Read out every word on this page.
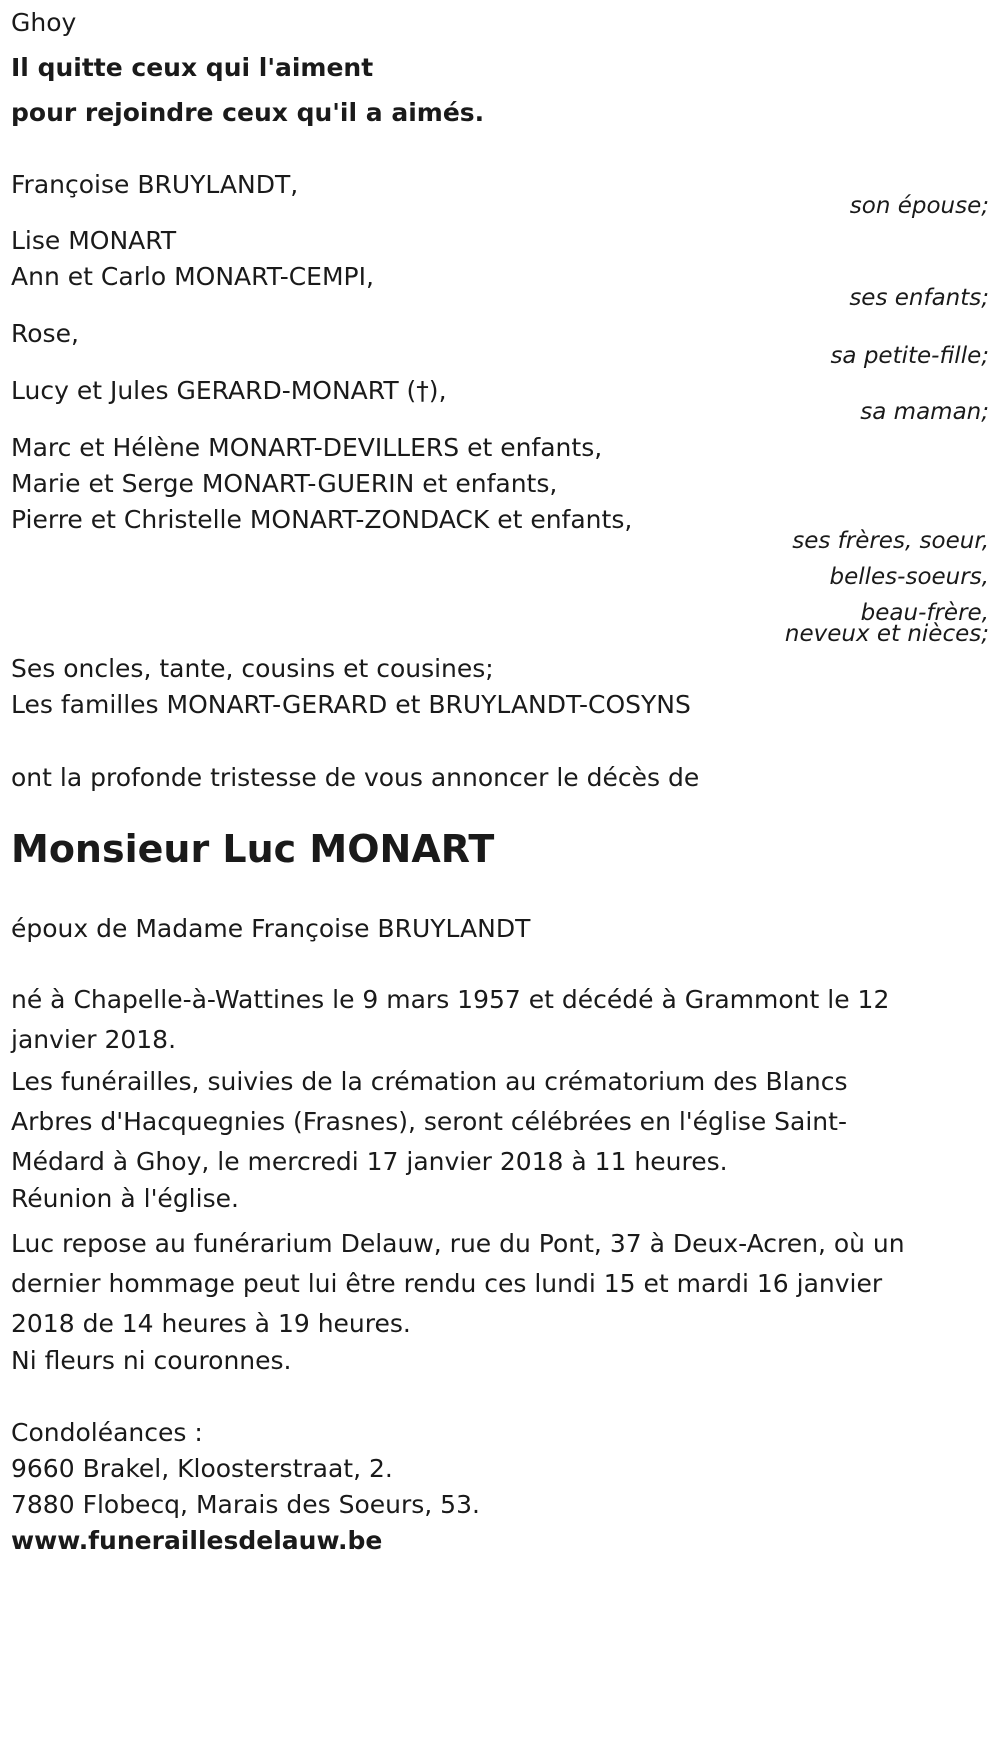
Ghoy
Il quitte ceux qui l'aiment
pour rejoindre ceux qu'il a aimés.
Françoise BRUYLANDT,
son épouse;
Lise MONART
Ann et Carlo MONART-CEMPI,
ses enfants;
Rose,
sa petite-fille;
Lucy et Jules GERARD-MONART (†),
sa maman;
Marc et Hélène MONART-DEVILLERS et enfants,
Marie et Serge MONART-GUERIN et enfants,
Pierre et Christelle MONART-ZONDACK et enfants,
ses frères, soeur,
belles-soeurs,
beau-frère,
neveux et nièces;
Ses oncles, tante, cousins et cousines;
Les familles MONART-GERARD et BRUYLANDT-COSYNS
ont la profonde tristesse de vous annoncer le décès de
Monsieur Luc MONART
époux de Madame Françoise BRUYLANDT

né à Chapelle-à-Wattines le 9 mars 1957 et décédé à Grammont le 12 janvier 2018.

Les funérailles, suivies de la crémation au crématorium des Blancs Arbres d'Hacquegnies (Frasnes), seront célébrées en l'église Saint-Médard à Ghoy, le mercredi 17 janvier 2018 à 11 heures.

Réunion à l'église.

Luc repose au funérarium Delauw, rue du Pont, 37 à Deux-Acren, où un dernier hommage peut lui être rendu ces lundi 15 et mardi 16 janvier 2018 de 14 heures à 19 heures.

Ni fleurs ni couronnes.
Condoléances :
9660 Brakel, Kloosterstraat, 2.
7880 Flobecq, Marais des Soeurs, 53.
www.funeraillesdelauw.be
